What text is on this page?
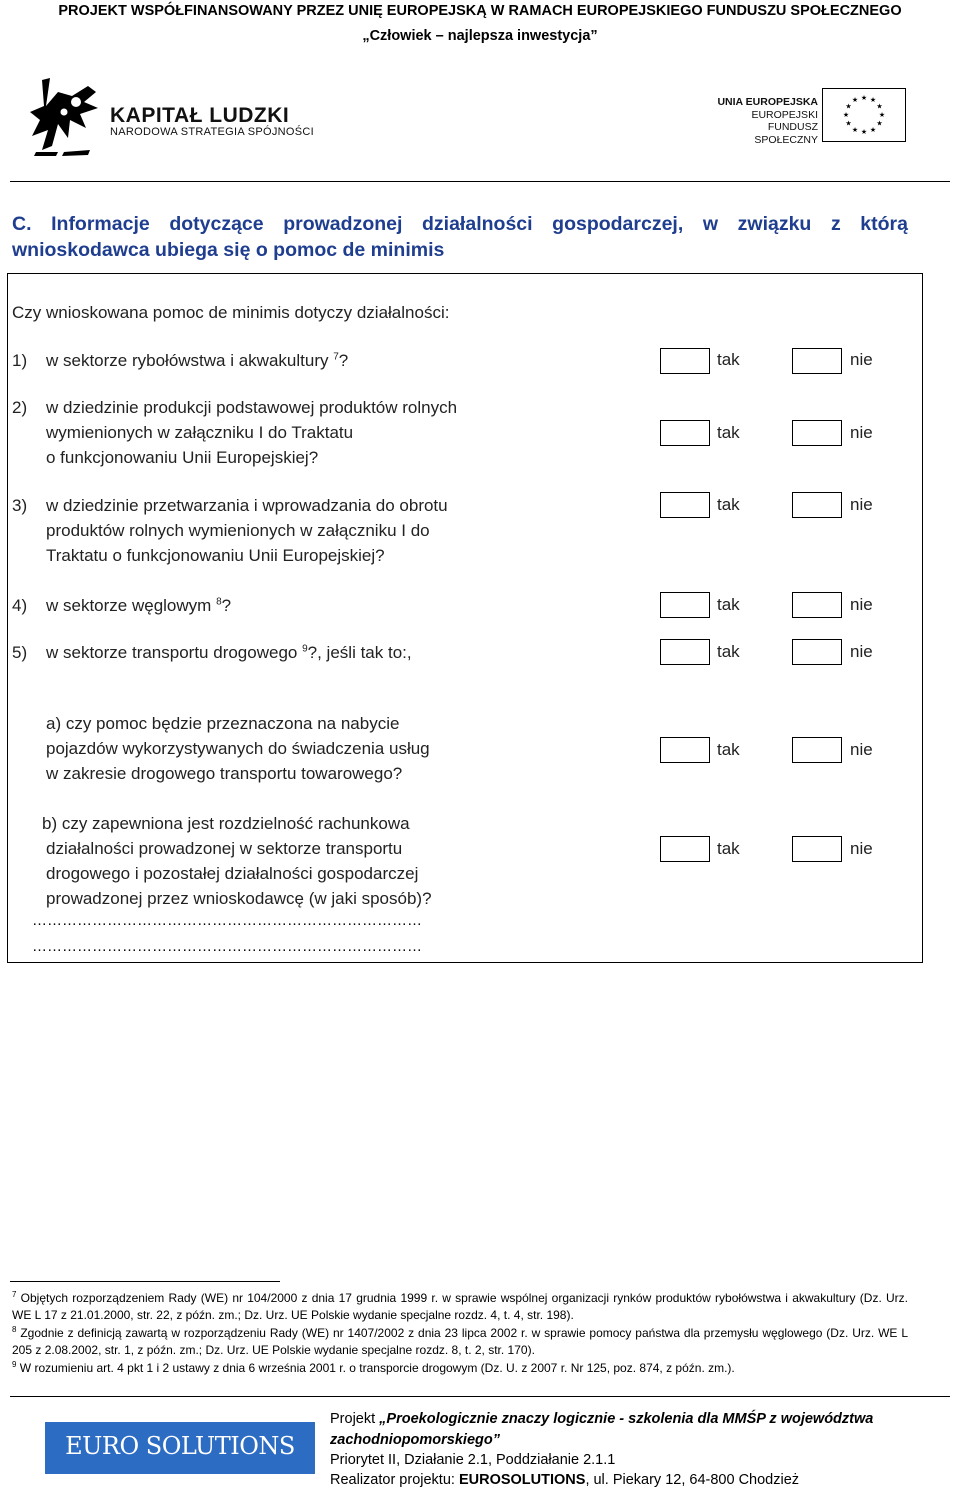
PROJEKT WSPÓŁFINANSOWANY PRZEZ UNIĘ EUROPEJSKĄ W RAMACH EUROPEJSKIEGO FUNDUSZU SPOŁECZNEGO
„Człowiek – najlepsza inwestycja”
KAPITAŁ LUDZKI
NARODOWA STRATEGIA SPÓJNOŚCI
UNIA EUROPEJSKA
EUROPEJSKI
FUNDUSZ SPOŁECZNY
★ ★
★
★
★
★
★
★
★
★
★
★
C. Informacje dotyczące prowadzonej działalności gospodarczej, w związku z którą wnioskodawca ubiega się o pomoc de minimis
Czy wnioskowana pomoc de minimis dotyczy działalności:
1) w sektorze rybołówstwa i akwakultury $^7$?	tak	nie
2) w dziedzinie produkcji podstawowej produktów rolnych
wymienionych w załączniku I do Traktatu
o funkcjonowaniu Unii Europejskiej?
tak	nie
3) w dziedzinie przetwarzania i wprowadzania do obrotu
produktów rolnych wymienionych w załączniku I do
Traktatu o funkcjonowaniu Unii Europejskiej?
tak	nie
4) w sektorze węglowym $^8$?	tak	nie
5) w sektorze transportu drogowego $^9$?, jeśli tak to:,	tak	nie
a) czy pomoc będzie przeznaczona na nabycie
pojazdów wykorzystywanych do świadczenia usług
w zakresie drogowego transportu towarowego?
tak	nie
b) czy zapewniona jest rozdzielność rachunkowa
działalności prowadzonej w sektorze transportu
drogowego i pozostałej działalności gospodarczej
prowadzonej przez wnioskodawcę (w jaki sposób)?
tak	nie
……………………………………………………………………
……………………………………………………………………
$^7$ Objętych rozporządzeniem Rady (WE) nr 104/2000 z dnia 17 grudnia 1999 r. w sprawie wspólnej organizacji rynków produktów rybołówstwa i akwakultury (Dz. Urz. WE L 17 z 21.01.2000, str. 22, z późn. zm.; Dz. Urz. UE Polskie wydanie specjalne rozdz. 4, t. 4, str. 198).
$^8$ Zgodnie z definicją zawartą w rozporządzeniu Rady (WE) nr 1407/2002 z dnia 23 lipca 2002 r. w sprawie pomocy państwa dla przemysłu węglowego (Dz. Urz. WE L 205 z 2.08.2002, str. 1, z późn. zm.; Dz. Urz. UE Polskie wydanie specjalne rozdz. 8, t. 2, str. 170).
$^9$ W rozumieniu art. 4 pkt 1 i 2 ustawy z dnia 6 września 2001 r. o transporcie drogowym (Dz. U. z 2007 r. Nr 125, poz. 874, z późn. zm.).
EURO SOLUTIONS
Projekt „Proekologicznie znaczy logicznie - szkolenia dla MMŚP z województwa
zachodniopomorskiego”
Priorytet II, Działanie 2.1, Poddziałanie 2.1.1
Realizator projektu: EUROSOLUTIONS, ul. Piekary 12, 64-800 Chodzież
